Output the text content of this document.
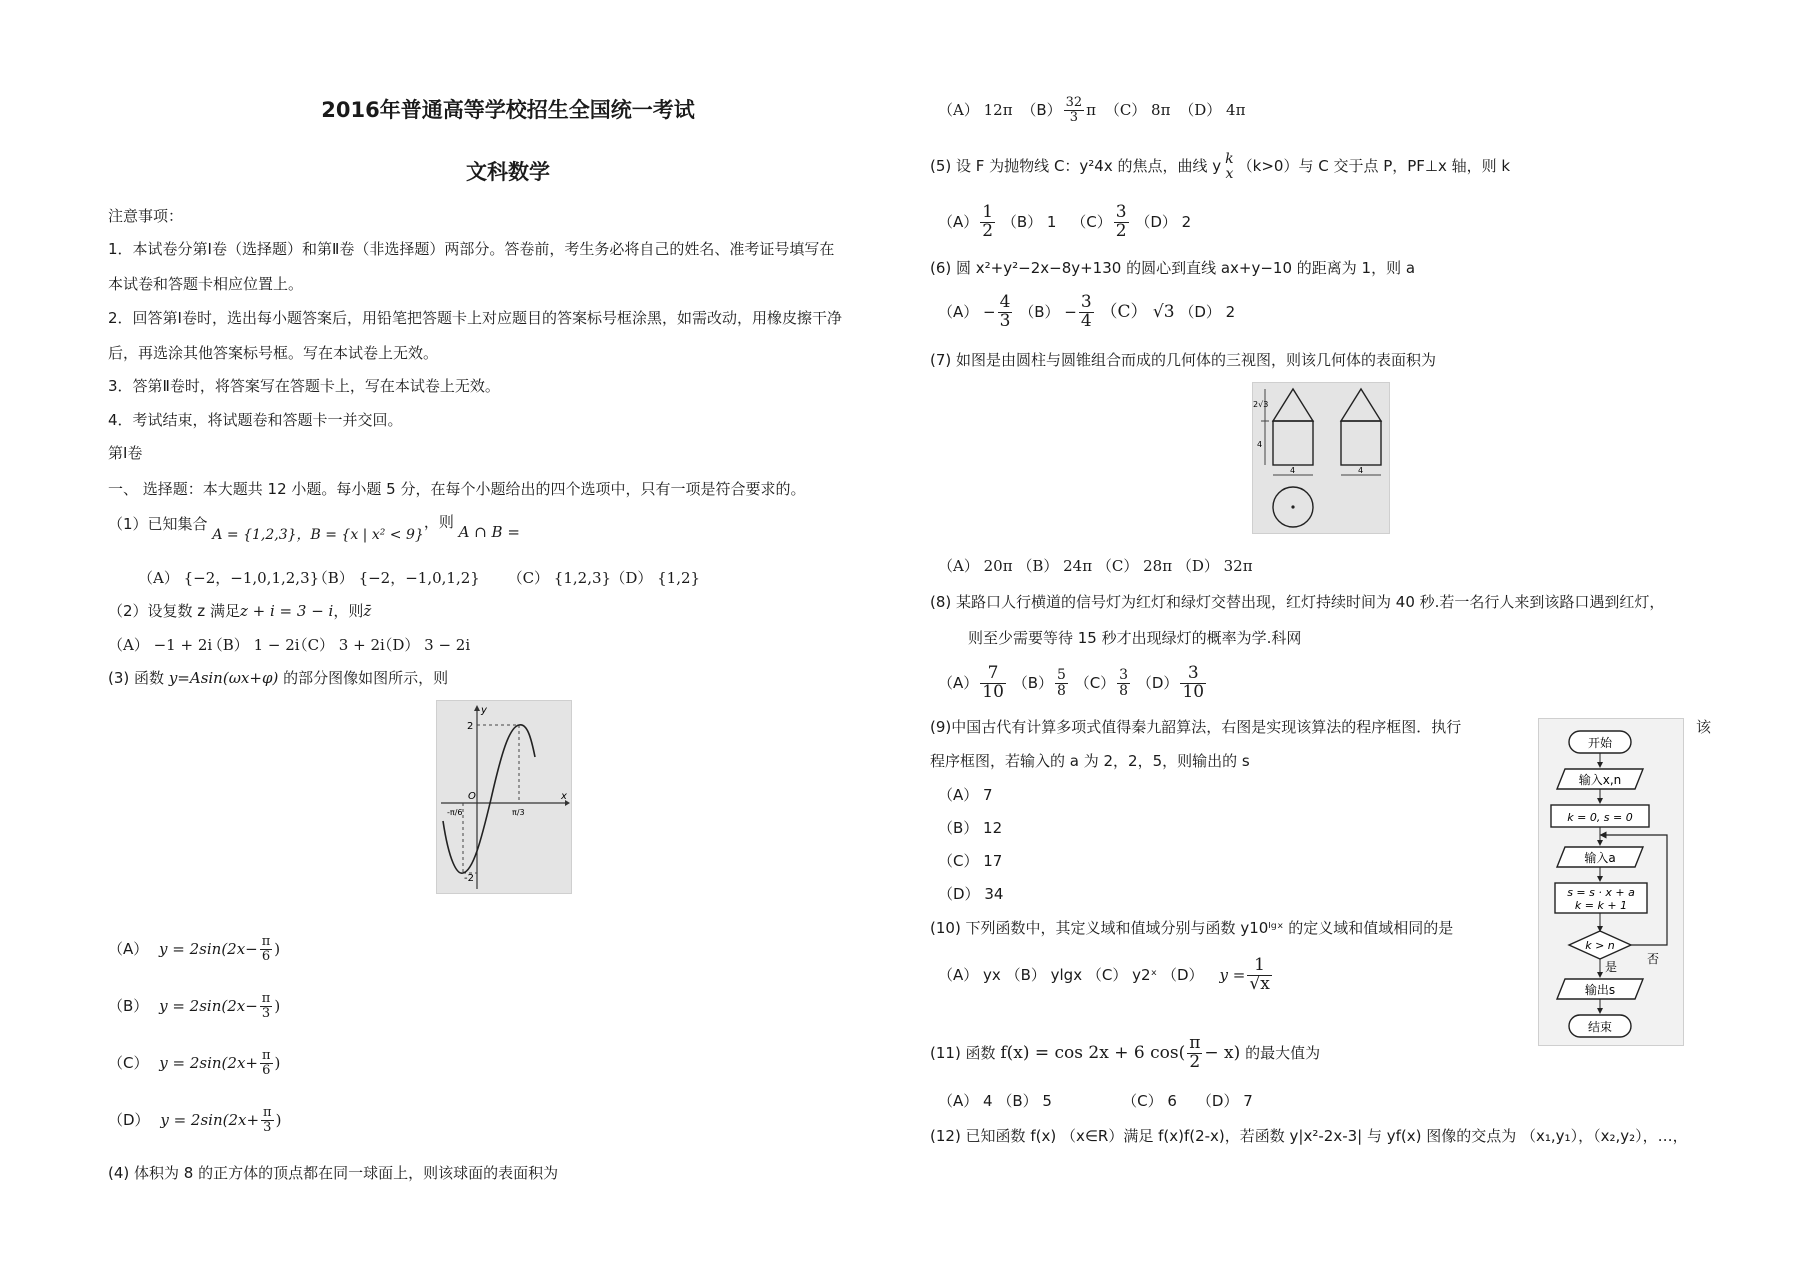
2016年普通高等学校招生全国统一考试
文科数学
注意事项：
1．本试卷分第Ⅰ卷（选择题）和第Ⅱ卷（非选择题）两部分。答卷前，考生务必将自己的姓名、准考证号填写在
本试卷和答题卡相应位置上。
2．回答第Ⅰ卷时，选出每小题答案后，用铅笔把答题卡上对应题目的答案标号框涂黑，如需改动，用橡皮擦干净
后，再选涂其他答案标号框。写在本试卷上无效。
3．答第Ⅱ卷时，将答案写在答题卡上，写在本试卷上无效。
4．考试结束，将试题卷和答题卡一并交回。
第Ⅰ卷
一、 选择题：本大题共 12 小题。每小题 5 分，在每个小题给出的四个选项中，只有一项是符合要求的。
（1）已知集合 A = {1,2,3}，B = {x | x² < 9}，则 A ∩ B =
（A） {−2，−1,0,1,2,3} （B） {−2，−1,0,1,2} （C） {1,2,3} （D） {1,2}
（2）设复数 z 满足z + i = 3 − i，则z̄
（A） −1 + 2i （B） 1 − 2i （C） 3 + 2i （D） 3 − 2i
(3) 函数 y=Asin(ωx+φ) 的部分图像如图所示，则
2
-2
x
y
O
-π/6	π/3
（A） $y = 2\sin(2x- \frac{\pi}{6}$ )
（B） $y = 2\sin(2x- \frac{\pi}{3}$ )
（C） $y = 2\sin(2x+ \frac{\pi}{6}$ )
（D） $y = 2\sin(2x+ \frac{\pi}{3}$ )
(4) 体积为 8 的正方体的顶点都在同一球面上，则该球面的表面积为
（A） 12π $(B) \frac{32}{3}$ π （C） 8π （D） 4π
(5) 设 F 为抛物线 C：y²4x 的焦点，曲线 y k
x （k>0）与 C 交于点 P，PF⊥x 轴，则 k
$(A) \frac{1}{2} (B)$ 1 $(C) \frac{3}{2} (D)$ 2
(6) 圆 x²+y²−2x−8y+130 的圆心到直线 ax+y−10 的距离为 1，则 a
$(A) - \frac{4}{3} (B) - \frac{3}{4} (C)$ √3 （D） 2
(7) 如图是由圆柱与圆锥组合而成的几何体的三视图，则该几何体的表面积为
2√3
4
4	4
（A） 20π （B） 24π （C） 28π （D） 32π
(8) 某路口人行横道的信号灯为红灯和绿灯交替出现，红灯持续时间为 40 秒.若一名行人来到该路口遇到红灯，
则至少需要等待 15 秒才出现绿灯的概率为学.科网
$(A) \frac{7}{10} (B) \frac{5}{8} (C) \frac{3}{8} (D) \frac{3}{10}$
(9)中国古代有计算多项式值得秦九韶算法，右图是实现该算法的程序框图．执行	该
程序框图，若输入的 a 为 2，2，5，则输出的 s
（A） 7
（B） 12
（C） 17
（D） 34
开始
输入x,n
k = 0, s = 0
输入a
s = s · x + a
k = k + 1
k > n
否
是
输出s
结束
(10) 下列函数中，其定义域和值域分别与函数 y10ˡᵍˣ 的定义域和值域相同的是
（A） yx （B） ylgx （C） y2ˣ （D） $y = \frac{1}{√x}$
(11) 函数 f(x) = cos 2x + 6 $\cos( \frac{\pi}{2} - x)$ 的最大值为
（A） 4 （B） 5	（C） 6 （D） 7
(12) 已知函数 f(x) （x∈R）满足 f(x)f(2-x)，若函数 y|x²-2x-3| 与 yf(x) 图像的交点为 （x₁,y₁），（x₂,y₂），…，
